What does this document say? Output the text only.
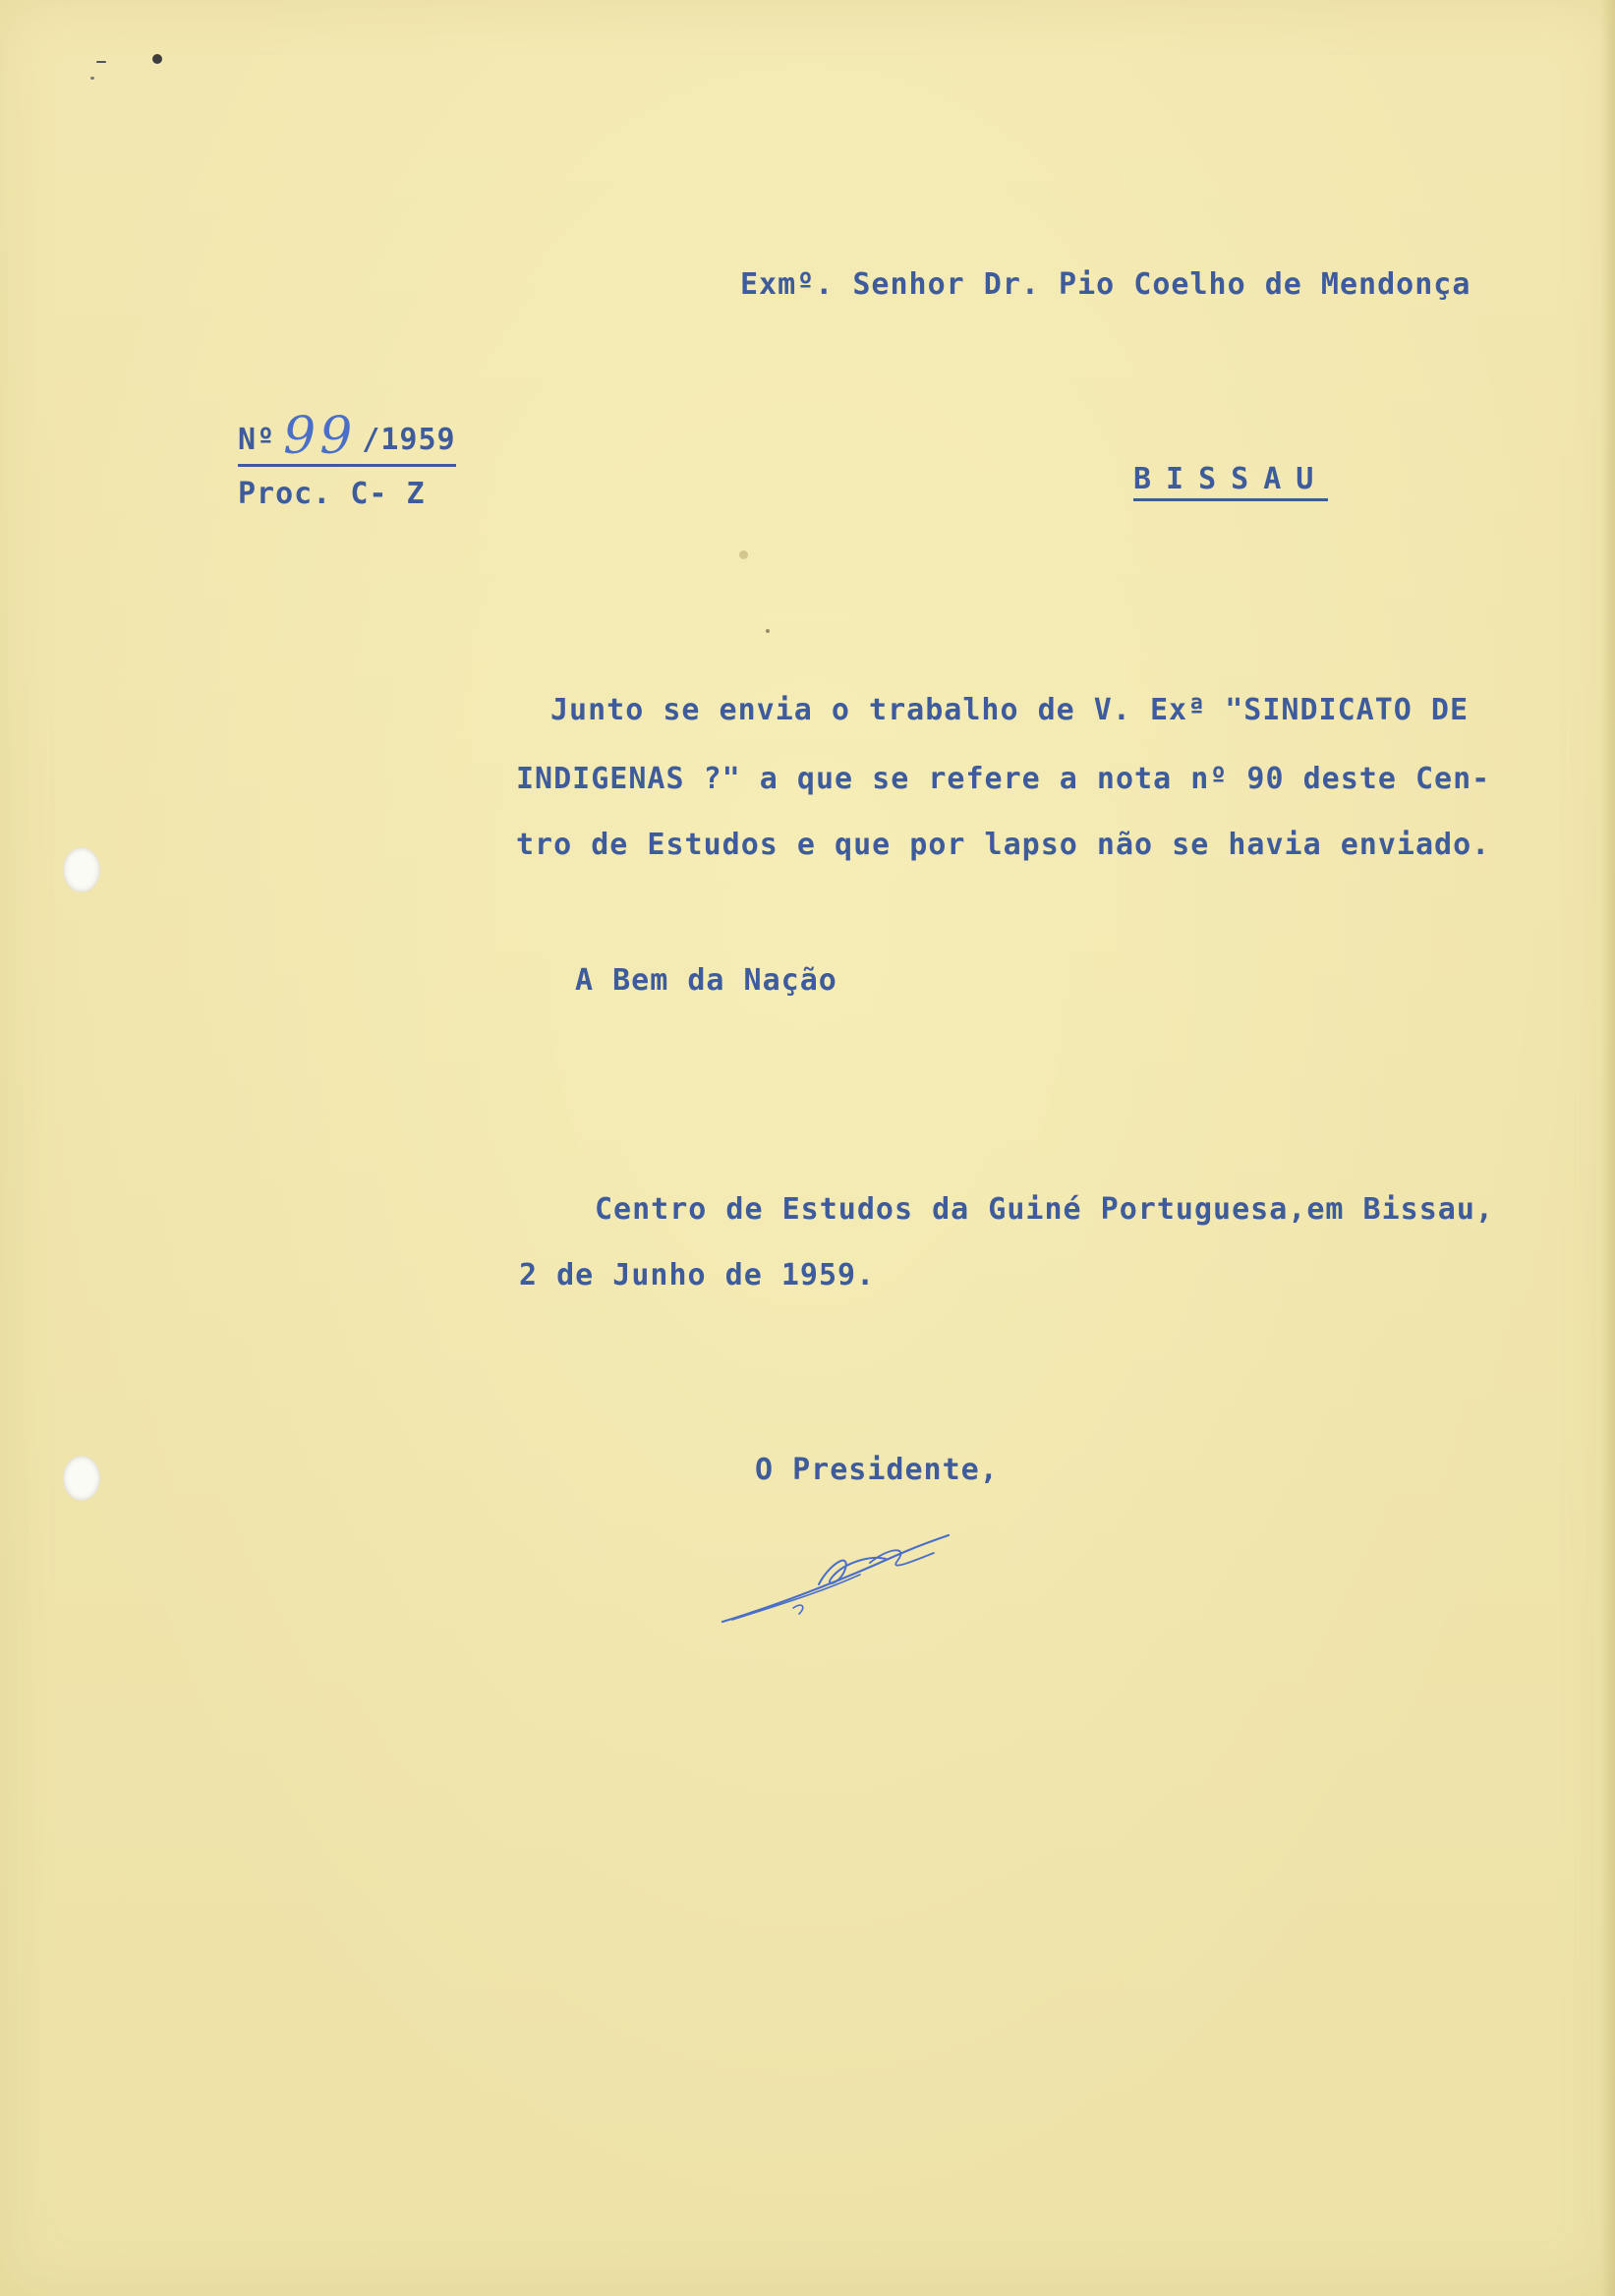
Exmº. Senhor Dr. Pio Coelho de Mendonça
Nº 99 /1959
Proc. C- Z	BISSAU
Junto se envia o trabalho de V. Exª "SINDICATO DE
INDIGENAS ?" a que se refere a nota nº 90 deste Cen-
tro de Estudos e que por lapso não se havia enviado.
A Bem da Nação
Centro de Estudos da Guiné Portuguesa,em Bissau,
2 de Junho de 1959.
O Presidente,
